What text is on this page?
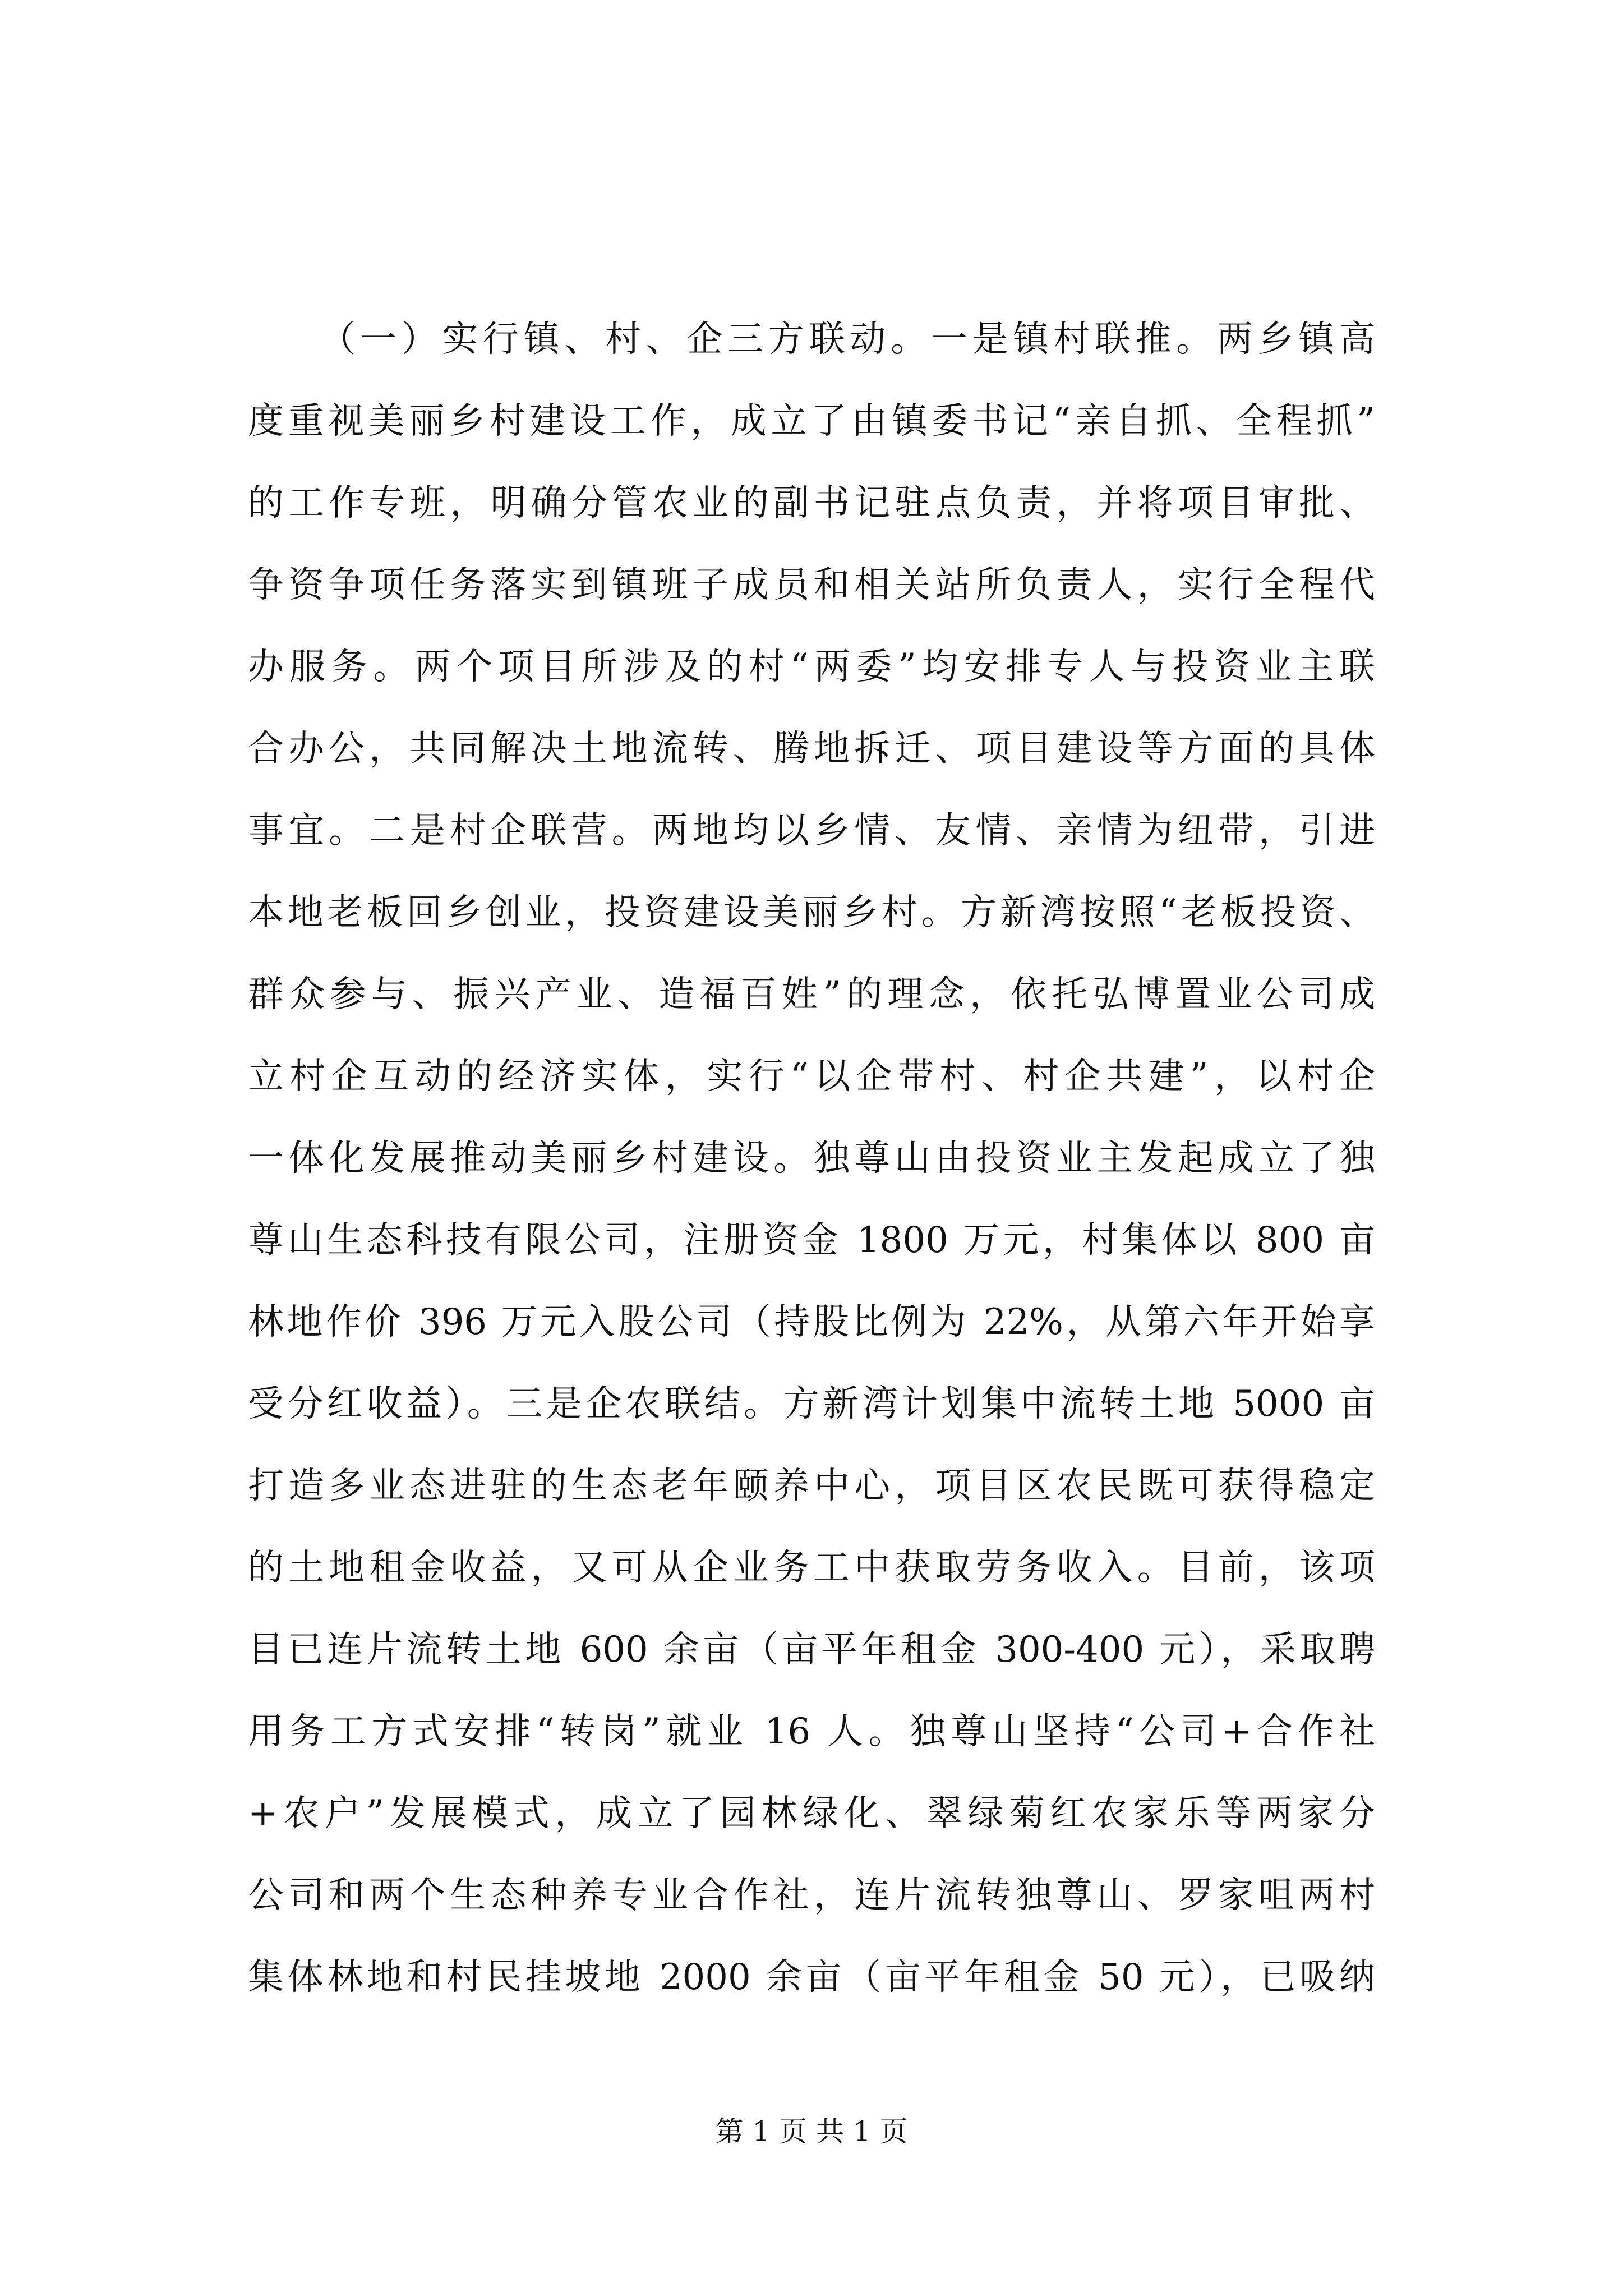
（一）实行镇、村、企三方联动。一是镇村联推。两乡镇高
度重视美丽乡村建设工作，成立了由镇委书记“亲自抓、全程抓”
的工作专班，明确分管农业的副书记驻点负责，并将项目审批、
争资争项任务落实到镇班子成员和相关站所负责人，实行全程代
办服务。两个项目所涉及的村“两委”均安排专人与投资业主联
合办公，共同解决土地流转、腾地拆迁、项目建设等方面的具体
事宜。二是村企联营。两地均以乡情、友情、亲情为纽带，引进
本地老板回乡创业，投资建设美丽乡村。方新湾按照“老板投资、
群众参与、振兴产业、造福百姓”的理念，依托弘博置业公司成
立村企互动的经济实体，实行“以企带村、村企共建”，以村企
一体化发展推动美丽乡村建设。独尊山由投资业主发起成立了独
尊山生态科技有限公司，注册资金 1800 万元，村集体以 800 亩
林地作价 396 万元入股公司（持股比例为 22%，从第六年开始享
受分红收益）。三是企农联结。方新湾计划集中流转土地 5000 亩
打造多业态进驻的生态老年颐养中心，项目区农民既可获得稳定
的土地租金收益，又可从企业务工中获取劳务收入。目前，该项
目已连片流转土地 600 余亩（亩平年租金 300-400 元），采取聘
用务工方式安排“转岗”就业 16 人。独尊山坚持“公司+合作社
+农户”发展模式，成立了园林绿化、翠绿菊红农家乐等两家分
公司和两个生态种养专业合作社，连片流转独尊山、罗家咀两村
集体林地和村民挂坡地 2000 余亩（亩平年租金 50 元），已吸纳
第 1 页 共 1 页
